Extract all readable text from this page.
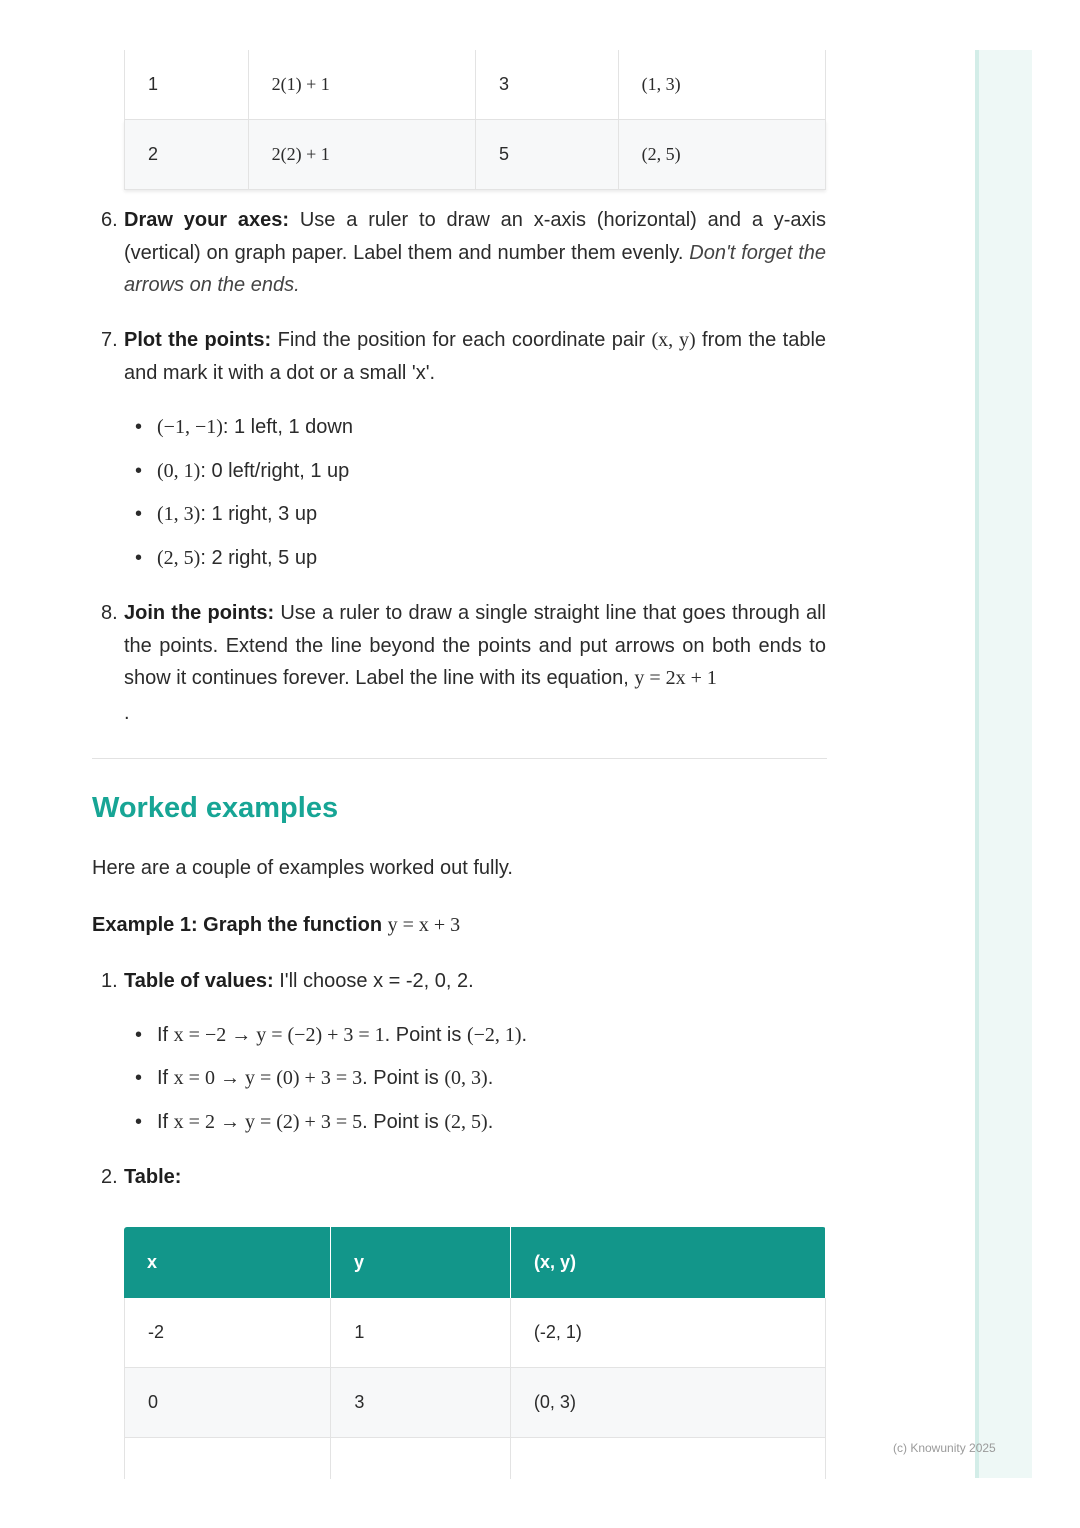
1	2(1) + 1	3	(1, 3)
2	2(2) + 1	5	(2, 5)
6. Draw your axes: Use a ruler to draw an x-axis (horizontal) and a y-axis (vertical) on graph paper. Label them and number them evenly. Don't forget the arrows on the ends.
7. Plot the points: Find the position for each coordinate pair (x, y) from the table and mark it with a dot or a small 'x'.
• (−1, −1): 1 left, 1 down
• (0, 1): 0 left/right, 1 up
• (1, 3): 1 right, 3 up
• (2, 5): 2 right, 5 up
8. Join the points: Use a ruler to draw a single straight line that goes through all the points. Extend the line beyond the points and put arrows on both ends to show it continues forever. Label the line with its equation, y = 2x + 1
.
Worked examples
Here are a couple of examples worked out fully.
Example 1: Graph the function y = x + 3
1. Table of values: I'll choose x = -2, 0, 2.
• If x = −2 → y = (−2) + 3 = 1. Point is (−2, 1).
• If x = 0 → y = (0) + 3 = 3. Point is (0, 3).
• If x = 2 → y = (2) + 3 = 5. Point is (2, 5).
2. Table:
x	y	(x, y)
-2	1	(-2, 1)
0	3	(0, 3)
(c) Knowunity 2025
